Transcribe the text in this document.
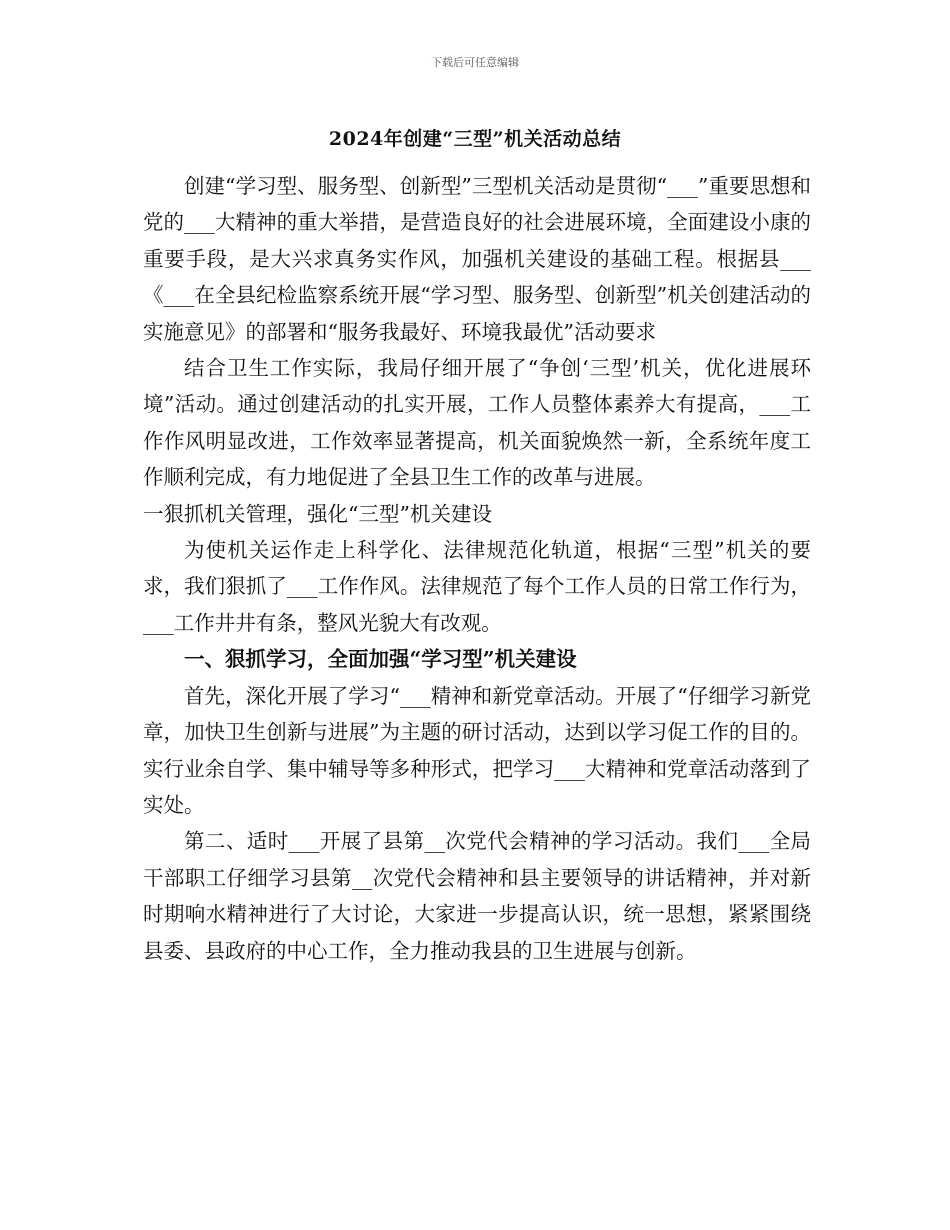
下载后可任意编辑
2024年创建“三型”机关活动总结

创建“学习型、服务型、创新型”三型机关活动是贯彻“___”重要思想和党的___大精神的重大举措，是营造良好的社会进展环境，全面建设小康的重要手段，是大兴求真务实作风，加强机关建设的基础工程。根据县___《___在全县纪检监察系统开展“学习型、服务型、创新型”机关创建活动的实施意见》的部署和“服务我最好、环境我最优”活动要求

结合卫生工作实际，我局仔细开展了“争创‘三型’机关，优化进展环境”活动。通过创建活动的扎实开展，工作人员整体素养大有提高，___工作作风明显改进，工作效率显著提高，机关面貌焕然一新，全系统年度工作顺利完成，有力地促进了全县卫生工作的改革与进展。

一狠抓机关管理，强化“三型”机关建设

为使机关运作走上科学化、法律规范化轨道，根据“三型”机关的要求，我们狠抓了___工作作风。法律规范了每个工作人员的日常工作行为，___工作井井有条，整风光貌大有改观。

一、狠抓学习，全面加强“学习型”机关建设

首先，深化开展了学习“___精神和新党章活动。开展了“仔细学习新党章，加快卫生创新与进展”为主题的研讨活动，达到以学习促工作的目的。实行业余自学、集中辅导等多种形式，把学习___大精神和党章活动落到了实处。

第二、适时___开展了县第__次党代会精神的学习活动。我们___全局干部职工仔细学习县第__次党代会精神和县主要领导的讲话精神，并对新时期响水精神进行了大讨论，大家进一步提高认识，统一思想，紧紧围绕县委、县政府的中心工作，全力推动我县的卫生进展与创新。
